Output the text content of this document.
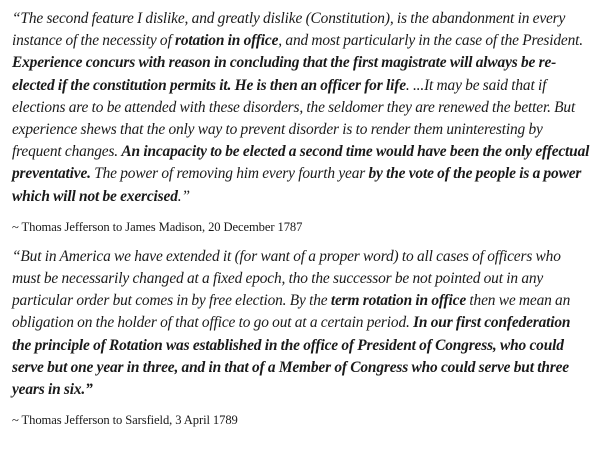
“The second feature I dislike, and greatly dislike (Constitution), is the abandonment in every instance of the necessity of rotation in office, and most particularly in the case of the President. Experience concurs with reason in concluding that the first magistrate will always be re-elected if the constitution permits it. He is then an officer for life. ...It may be said that if elections are to be attended with these disorders, the seldomer they are renewed the better. But experience shews that the only way to prevent disorder is to render them uninteresting by frequent changes. An incapacity to be elected a second time would have been the only effectual preventative. The power of removing him every fourth year by the vote of the people is a power which will not be exercised.”

~ Thomas Jefferson to James Madison, 20 December 1787

“But in America we have extended it (for want of a proper word) to all cases of officers who must be necessarily changed at a fixed epoch, tho the successor be not pointed out in any particular order but comes in by free election. By the term rotation in office then we mean an obligation on the holder of that office to go out at a certain period. In our first confederation the principle of Rotation was established in the office of President of Congress, who could serve but one year in three, and in that of a Member of Congress who could serve but three years in six.”

~ Thomas Jefferson to Sarsfield, 3 April 1789
